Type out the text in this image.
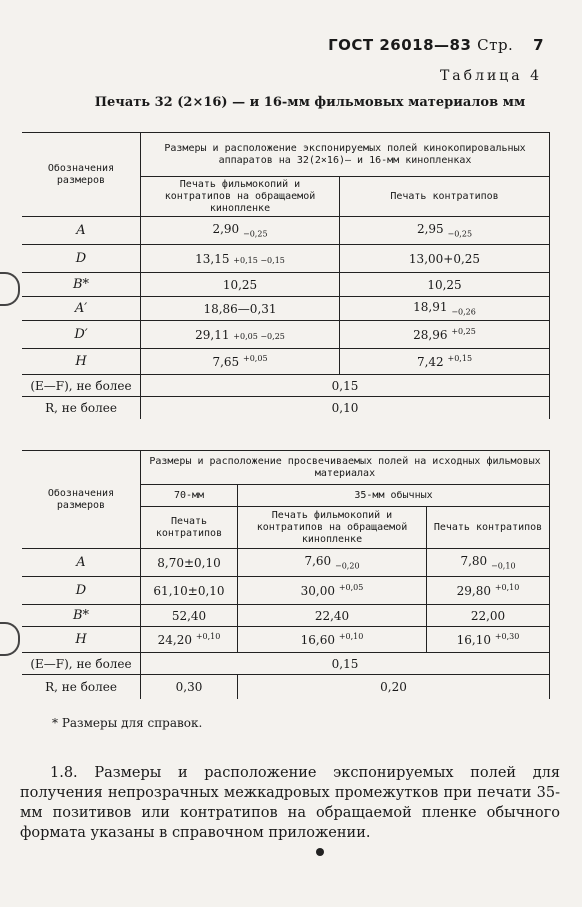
ГОСТ 26018—83 Стр. 7
Таблица 4
Печать 32 (2×16) — и 16-мм фильмовых материалов мм
Обозначения размеров	Размеры и расположение экспонируемых полей кинокопировальных аппаратов на 32(2×16)— и 16-мм кинопленках	
	Печать фильмокопий и контратипов на обращаемой кинопленке	Печать контратипов
A	2,90 $_{-0,25}$	2,95 $_{-0,25}$
D	13,15 +0,15 −0,15	13,00+0,25
B*	10,25	10,25
A′	18,86—0,31	18,91 $_{-0,26}$
D′	29,11 +0,05 −0,25	28,96 $^{+0,25}$
H	7,65 $^{+0,05}$	7,42 $^{+0,15}$
(E—F), не более	0,15	
R, не более	0,10	
Обозначения размеров	Размеры и расположение просвечиваемых полей на исходных фильмовых материалах		
	70-мм	35-мм обычных	
	Печать контратипов	Печать фильмокопий и контратипов на обращаемой кинопленке	Печать контратипов
A	8,70±0,10	7,60 $_{-0,20}$	7,80 $_{-0,10}$
D	61,10±0,10	30,00 $^{+0,05}$	29,80 $^{+0,10}$
B*	52,40	22,40	22,00
H	24,20 $^{+0,10}$	16,60 $^{+0,10}$	16,10 $^{+0,30}$
(E—F), не более	0,15		
R, не более	0,30	0,20	
* Размеры для справок.
1.8. Размеры и расположение экспонируемых полей для получения непрозрачных межкадровых промежутков при печати 35-мм позитивов или контратипов на обращаемой пленке обычного формата указаны в справочном приложении.
